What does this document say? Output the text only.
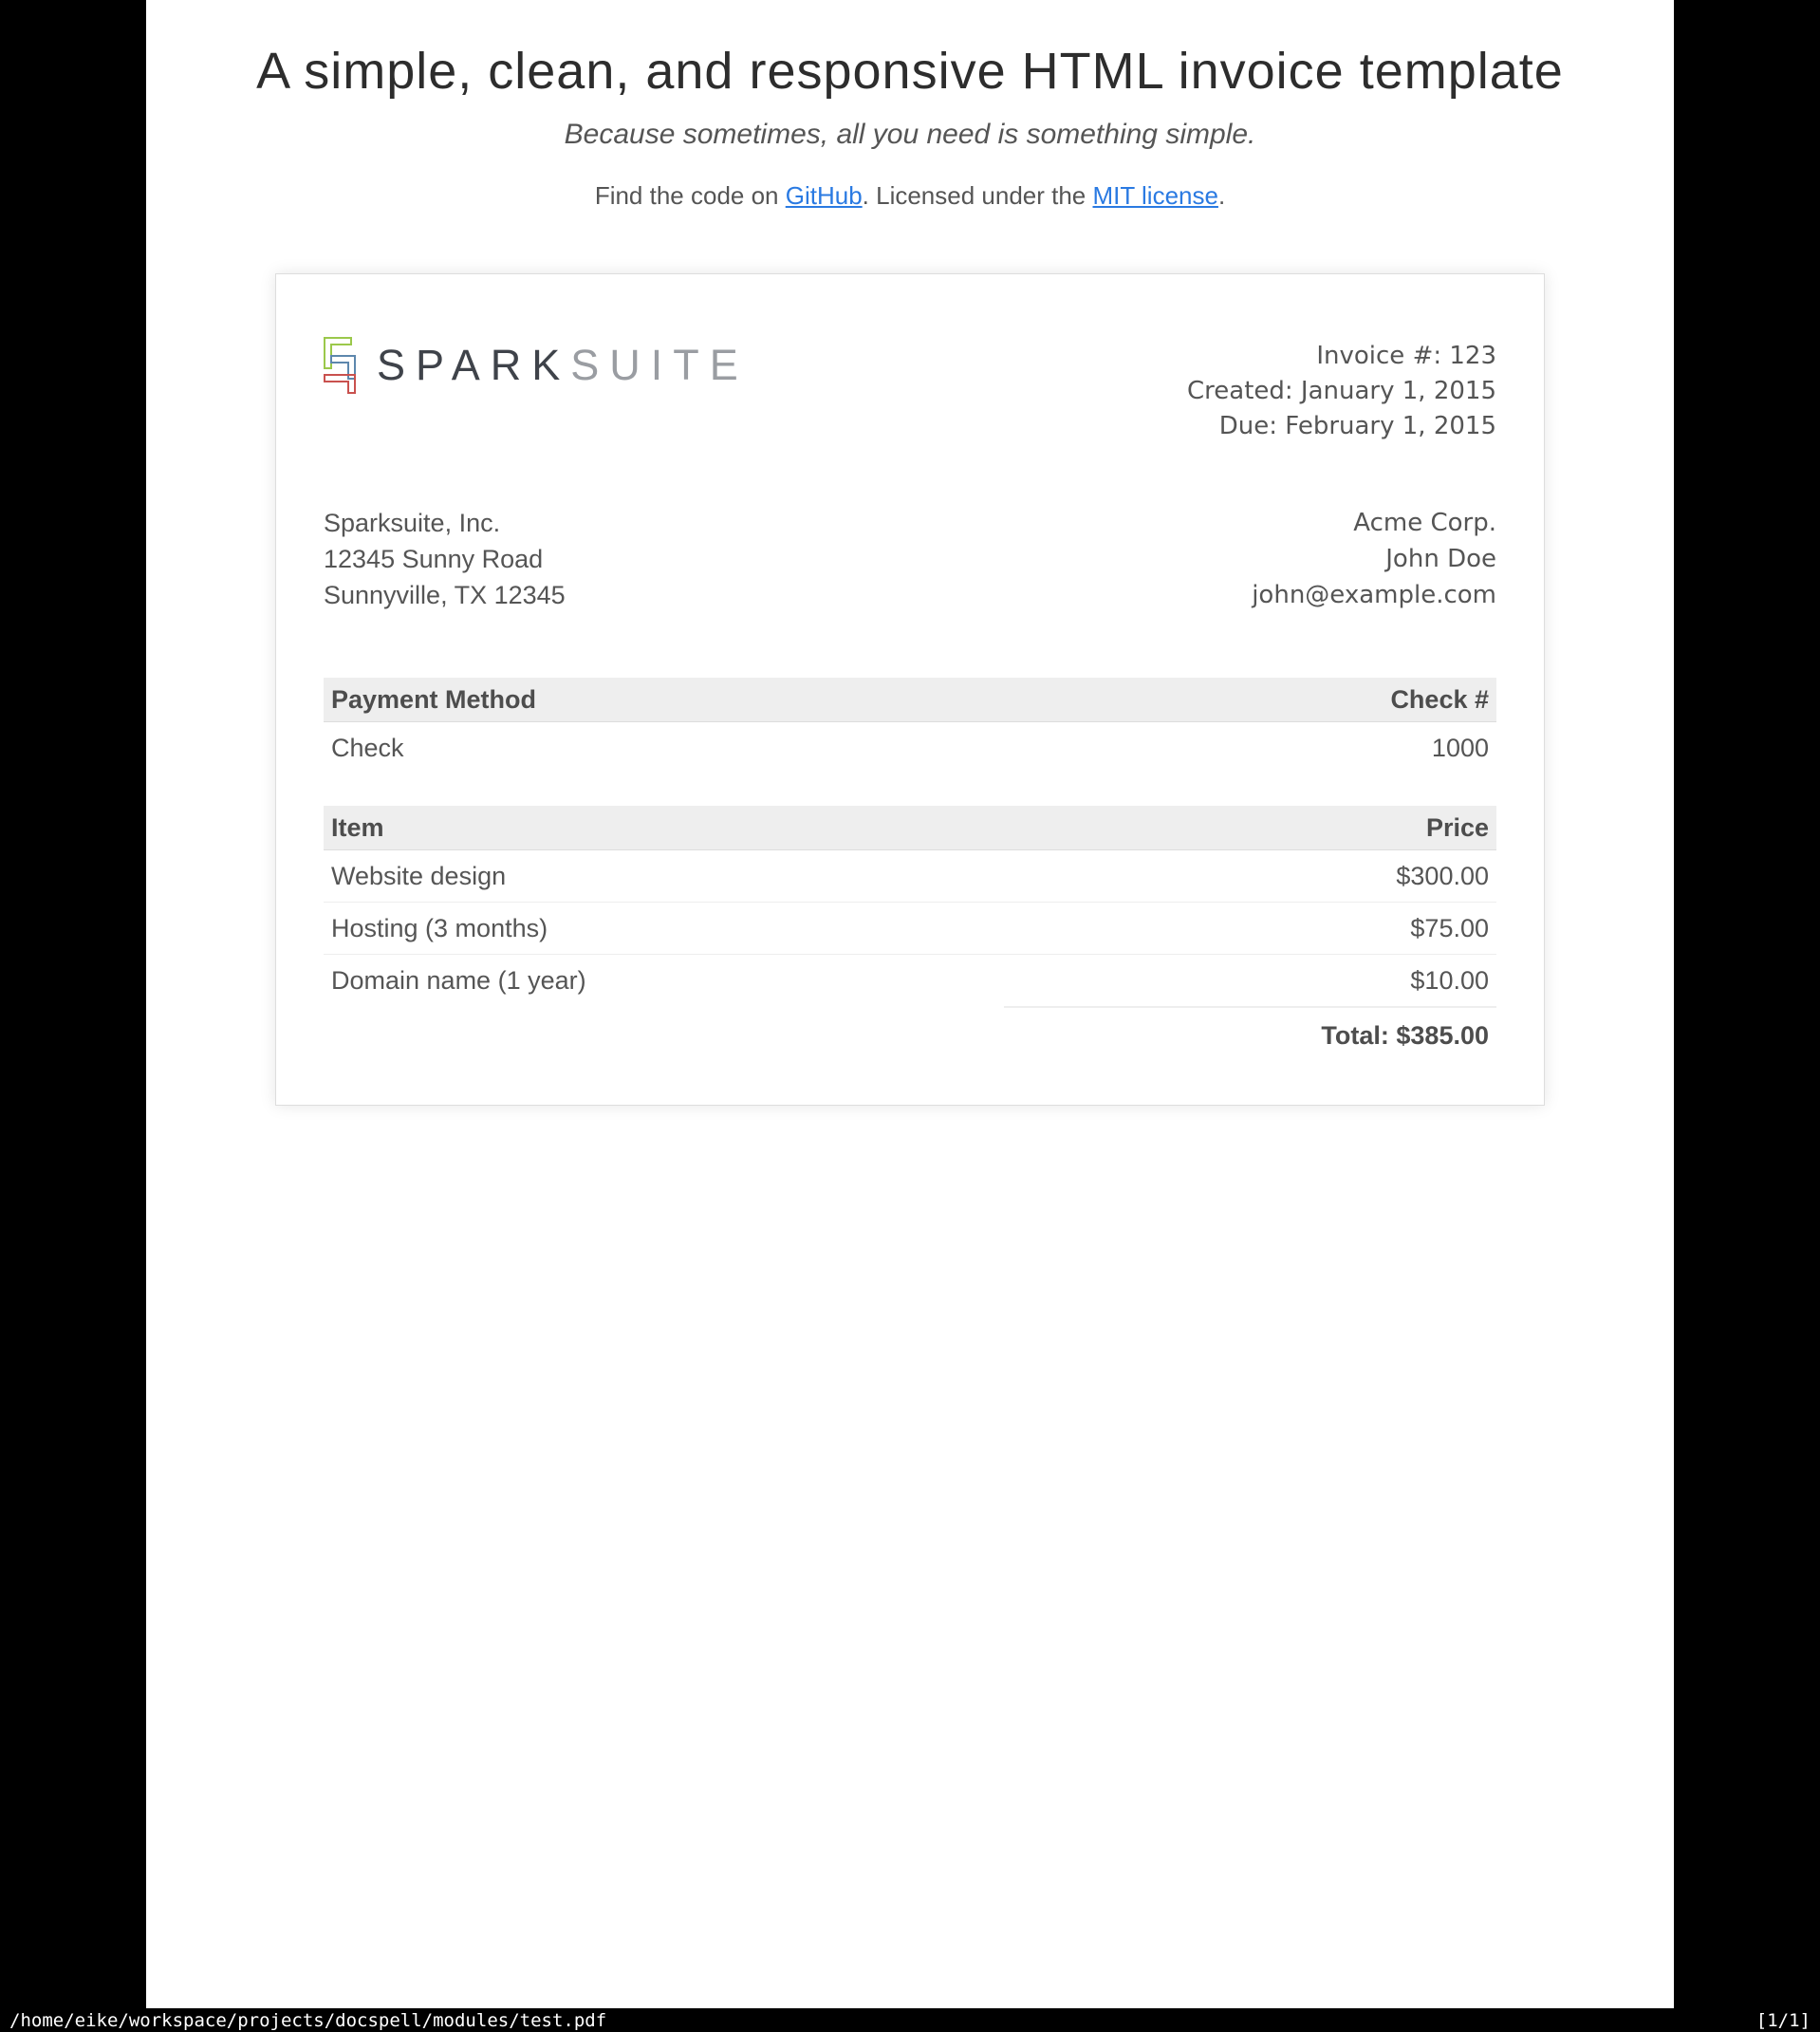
A simple, clean, and responsive HTML invoice template

Because sometimes, all you need is something simple.

Find the code on GitHub. Licensed under the MIT license.

SPARKSUITE	Invoice #: 123
Created: January 1, 2015
Due: February 1, 2015
Sparksuite, Inc.
12345 Sunny Road
Sunnyville, TX 12345
Acme Corp.
John Doe
john@example.com
Payment Method	Check #
Check	1000
Item	Price
Website design	$300.00
Hosting (3 months)	$75.00
Domain name (1 year)	$10.00
	Total: $385.00
/home/eike/workspace/projects/docspell/modules/test.pdf	[1/1]
